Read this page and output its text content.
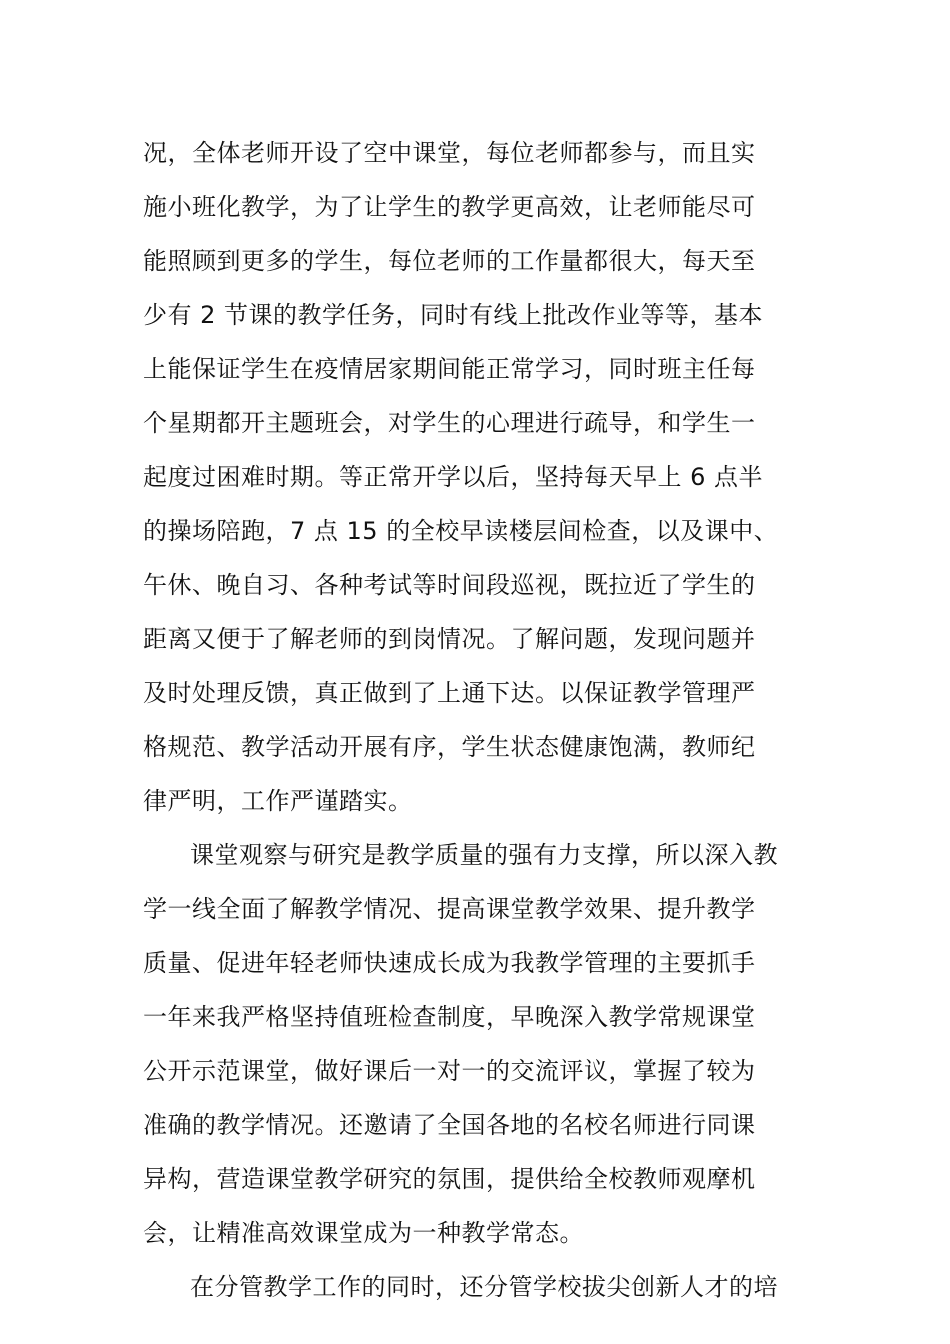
况，全体老师开设了空中课堂，每位老师都参与，而且实
施小班化教学，为了让学生的教学更高效，让老师能尽可
能照顾到更多的学生，每位老师的工作量都很大，每天至
少有 2 节课的教学任务，同时有线上批改作业等等，基本
上能保证学生在疫情居家期间能正常学习，同时班主任每
个星期都开主题班会，对学生的心理进行疏导，和学生一
起度过困难时期。等正常开学以后，坚持每天早上 6 点半
的操场陪跑，7 点 15 的全校早读楼层间检查，以及课中、
午休、晚自习、各种考试等时间段巡视，既拉近了学生的
距离又便于了解老师的到岗情况。了解问题，发现问题并
及时处理反馈，真正做到了上通下达。以保证教学管理严
格规范、教学活动开展有序，学生状态健康饱满，教师纪
律严明，工作严谨踏实。
课堂观察与研究是教学质量的强有力支撑，所以深入教
学一线全面了解教学情况、提高课堂教学效果、提升教学
质量、促进年轻老师快速成长成为我教学管理的主要抓手
一年来我严格坚持值班检查制度，早晚深入教学常规课堂
公开示范课堂，做好课后一对一的交流评议，掌握了较为
准确的教学情况。还邀请了全国各地的名校名师进行同课
异构，营造课堂教学研究的氛围，提供给全校教师观摩机
会，让精准高效课堂成为一种教学常态。
在分管教学工作的同时，还分管学校拔尖创新人才的培
